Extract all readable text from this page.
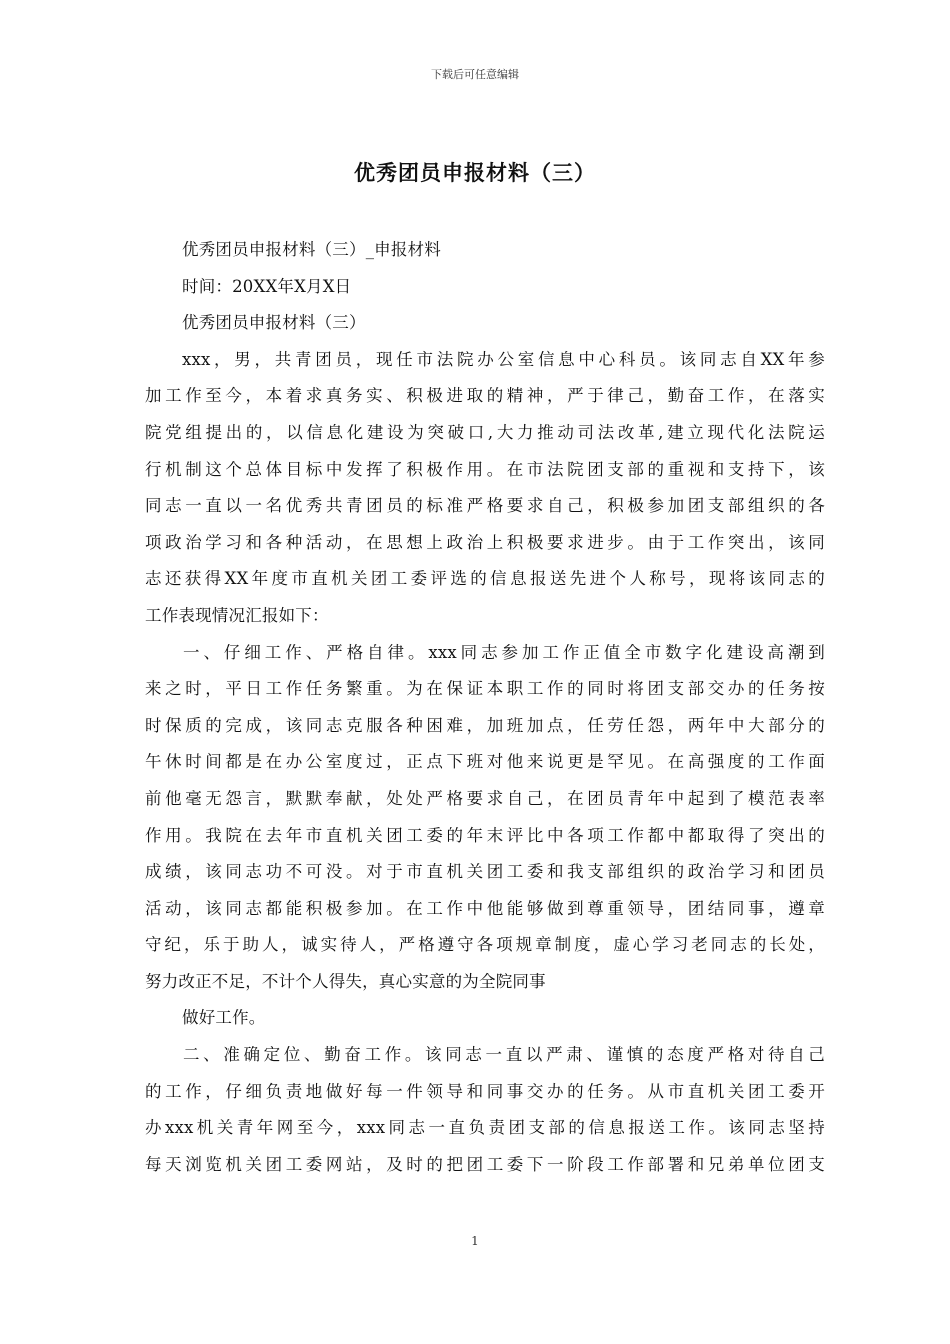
下载后可任意编辑
优秀团员申报材料（三）
优秀团员申报材料（三）_申报材料
时间：20XX年X月X日
优秀团员申报材料（三）
xxx，男，共青团员，现任市法院办公室信息中心科员。该同志自XX年参
加工作至今，本着求真务实、积极进取的精神，严于律己，勤奋工作，在落实
院党组提出的，以信息化建设为突破口,大力推动司法改革,建立现代化法院运
行机制这个总体目标中发挥了积极作用。在市法院团支部的重视和支持下，该
同志一直以一名优秀共青团员的标准严格要求自己，积极参加团支部组织的各
项政治学习和各种活动，在思想上政治上积极要求进步。由于工作突出，该同
志还获得XX年度市直机关团工委评选的信息报送先进个人称号，现将该同志的
工作表现情况汇报如下：
一、仔细工作、严格自律。xxx同志参加工作正值全市数字化建设高潮到
来之时，平日工作任务繁重。为在保证本职工作的同时将团支部交办的任务按
时保质的完成，该同志克服各种困难，加班加点，任劳任怨，两年中大部分的
午休时间都是在办公室度过，正点下班对他来说更是罕见。在高强度的工作面
前他毫无怨言，默默奉献，处处严格要求自己，在团员青年中起到了模范表率
作用。我院在去年市直机关团工委的年末评比中各项工作都中都取得了突出的
成绩，该同志功不可没。对于市直机关团工委和我支部组织的政治学习和团员
活动，该同志都能积极参加。在工作中他能够做到尊重领导，团结同事，遵章
守纪，乐于助人，诚实待人，严格遵守各项规章制度，虚心学习老同志的长处，
努力改正不足，不计个人得失，真心实意的为全院同事
做好工作。
二、准确定位、勤奋工作。该同志一直以严肃、谨慎的态度严格对待自己
的工作，仔细负责地做好每一件领导和同事交办的任务。从市直机关团工委开
办xxx机关青年网至今，xxx同志一直负责团支部的信息报送工作。该同志坚持
每天浏览机关团工委网站，及时的把团工委下一阶段工作部署和兄弟单位团支
1
